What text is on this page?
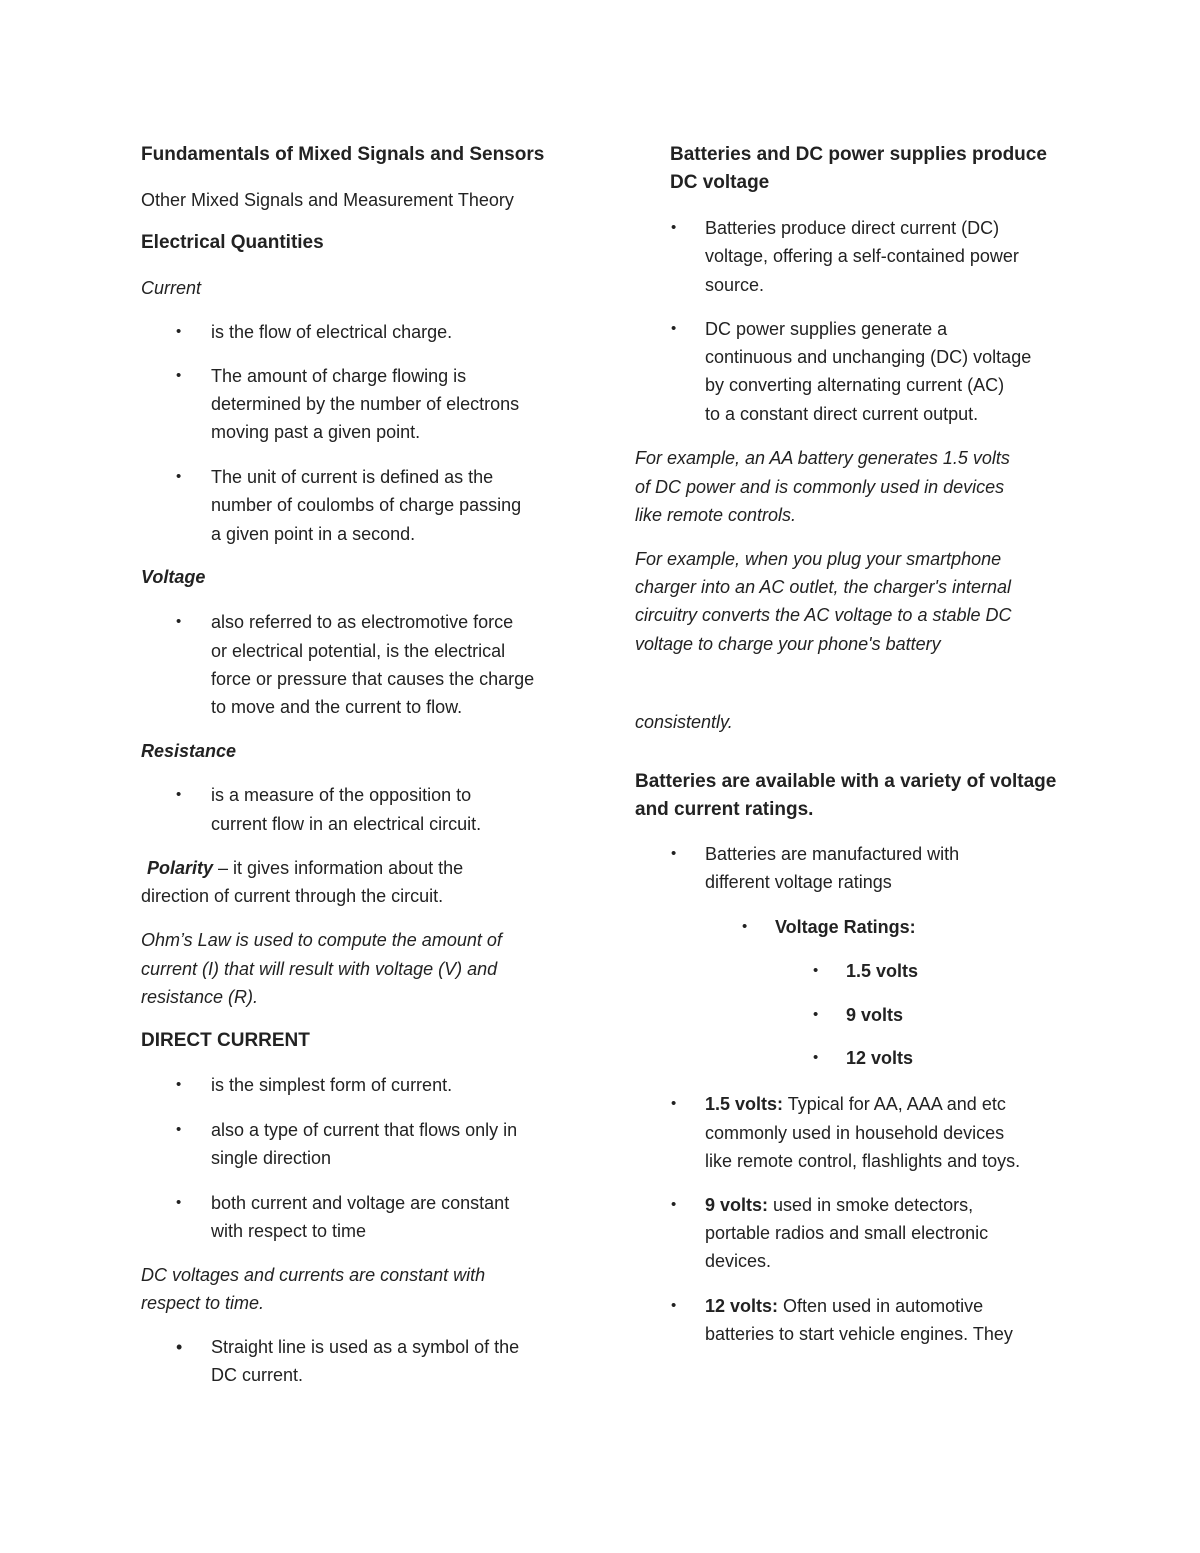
Fundamentals of Mixed Signals and Sensors
Other Mixed Signals and Measurement Theory
Electrical Quantities
Current
• is the flow of electrical charge.
• The amount of charge flowing is
determined by the number of electrons
moving past a given point.
• The unit of current is defined as the
number of coulombs of charge passing
a given point in a second.
Voltage
• also referred to as electromotive force
or electrical potential, is the electrical
force or pressure that causes the charge
to move and the current to flow.
Resistance
• is a measure of the opposition to
current flow in an electrical circuit.
Polarity – it gives information about the
direction of current through the circuit.
Ohm’s Law is used to compute the amount of
current (I) that will result with voltage (V) and
resistance (R).
DIRECT CURRENT
• is the simplest form of current.
• also a type of current that flows only in
single direction
• both current and voltage are constant
with respect to time
DC voltages and currents are constant with
respect to time.
• Straight line is used as a symbol of the
DC current.
Batteries and DC power supplies produce
DC voltage
• Batteries produce direct current (DC)
voltage, offering a self-contained power
source.
• DC power supplies generate a
continuous and unchanging (DC) voltage
by converting alternating current (AC)
to a constant direct current output.
For example, an AA battery generates 1.5 volts
of DC power and is commonly used in devices
like remote controls.
For example, when you plug your smartphone
charger into an AC outlet, the charger's internal
circuitry converts the AC voltage to a stable DC
voltage to charge your phone's battery
consistently.
Batteries are available with a variety of voltage
and current ratings.
• Batteries are manufactured with
different voltage ratings
• Voltage Ratings:
• 1.5 volts
• 9 volts
• 12 volts
• 1.5 volts: Typical for AA, AAA and etc
commonly used in household devices
like remote control, flashlights and toys.
• 9 volts: used in smoke detectors,
portable radios and small electronic
devices.
• 12 volts: Often used in automotive
batteries to start vehicle engines. They
